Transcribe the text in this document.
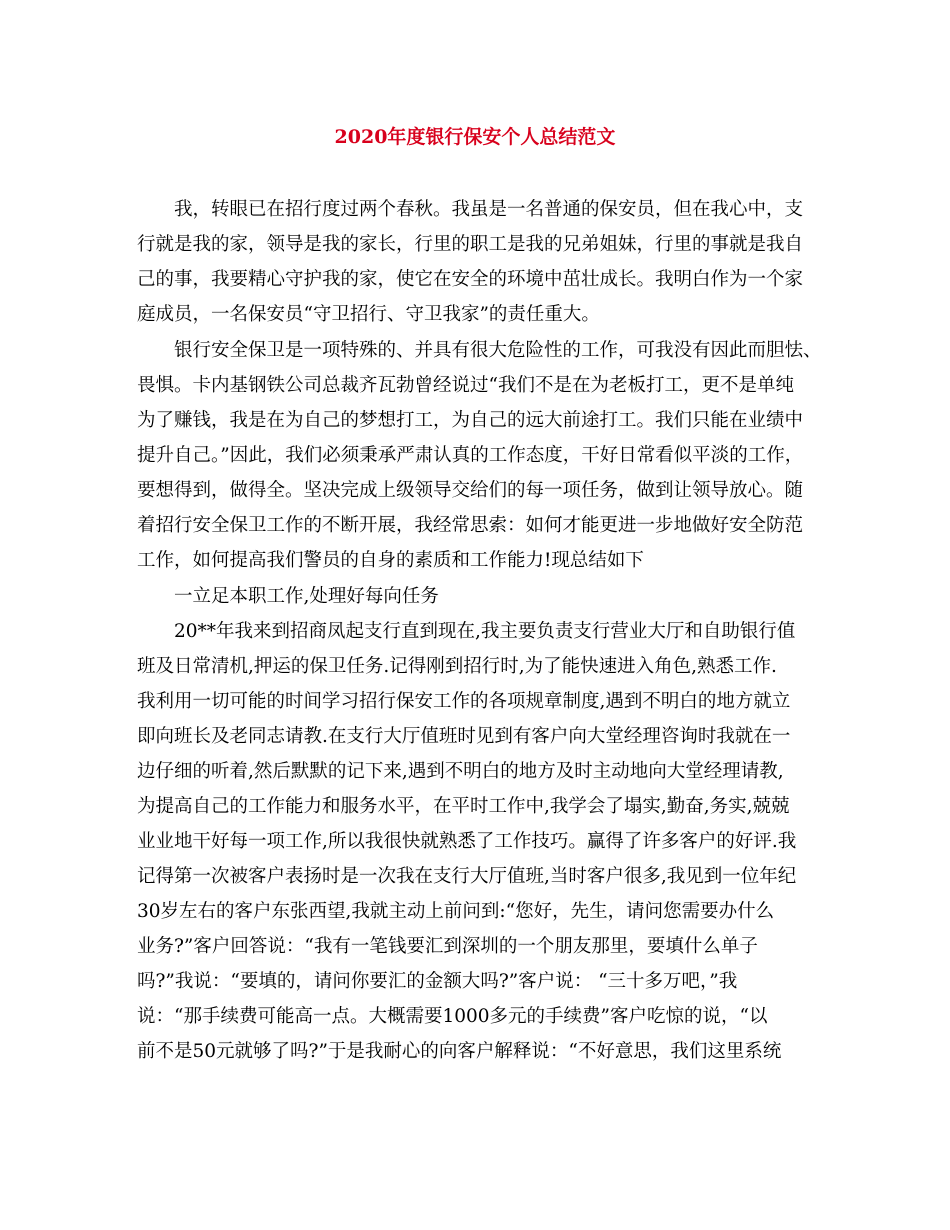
2020年度银行保安个人总结范文
我，转眼已在招行度过两个春秋。我虽是一名普通的保安员，但在我心中，支
行就是我的家，领导是我的家长，行里的职工是我的兄弟姐妹，行里的事就是我自
己的事，我要精心守护我的家，使它在安全的环境中茁壮成长。我明白作为一个家
庭成员，一名保安员“守卫招行、守卫我家”的责任重大。
银行安全保卫是一项特殊的、并具有很大危险性的工作，可我没有因此而胆怯、
畏惧。卡内基钢铁公司总裁齐瓦勃曾经说过“我们不是在为老板打工，更不是单纯
为了赚钱，我是在为自己的梦想打工，为自己的远大前途打工。我们只能在业绩中
提升自己。”因此，我们必须秉承严肃认真的工作态度，干好日常看似平淡的工作，
要想得到，做得全。坚决完成上级领导交给们的每一项任务，做到让领导放心。随
着招行安全保卫工作的不断开展，我经常思索：如何才能更进一步地做好安全防范
工作，如何提高我们警员的自身的素质和工作能力!现总结如下
一立足本职工作,处理好每向任务
20**年我来到招商凤起支行直到现在,我主要负责支行营业大厅和自助银行值
班及日常清机,押运的保卫任务.记得刚到招行时,为了能快速进入角色,熟悉工作.
我利用一切可能的时间学习招行保安工作的各项规章制度,遇到不明白的地方就立
即向班长及老同志请教.在支行大厅值班时见到有客户向大堂经理咨询时我就在一
边仔细的听着,然后默默的记下来,遇到不明白的地方及时主动地向大堂经理请教,
为提高自己的工作能力和服务水平，在平时工作中,我学会了塌实,勤奋,务实,兢兢
业业地干好每一项工作,所以我很快就熟悉了工作技巧。赢得了许多客户的好评.我
记得第一次被客户表扬时是一次我在支行大厅值班,当时客户很多,我见到一位年纪
30岁左右的客户东张西望,我就主动上前问到:“您好，先生，请问您需要办什么
业务?”客户回答说：“我有一笔钱要汇到深圳的一个朋友那里，要填什么单子
吗?”我说：“要填的，请问你要汇的金额大吗?”客户说： “三十多万吧，”我
说：“那手续费可能高一点。大概需要1000多元的手续费”客户吃惊的说，“以
前不是50元就够了吗?”于是我耐心的向客户解释说：“不好意思，我们这里系统
